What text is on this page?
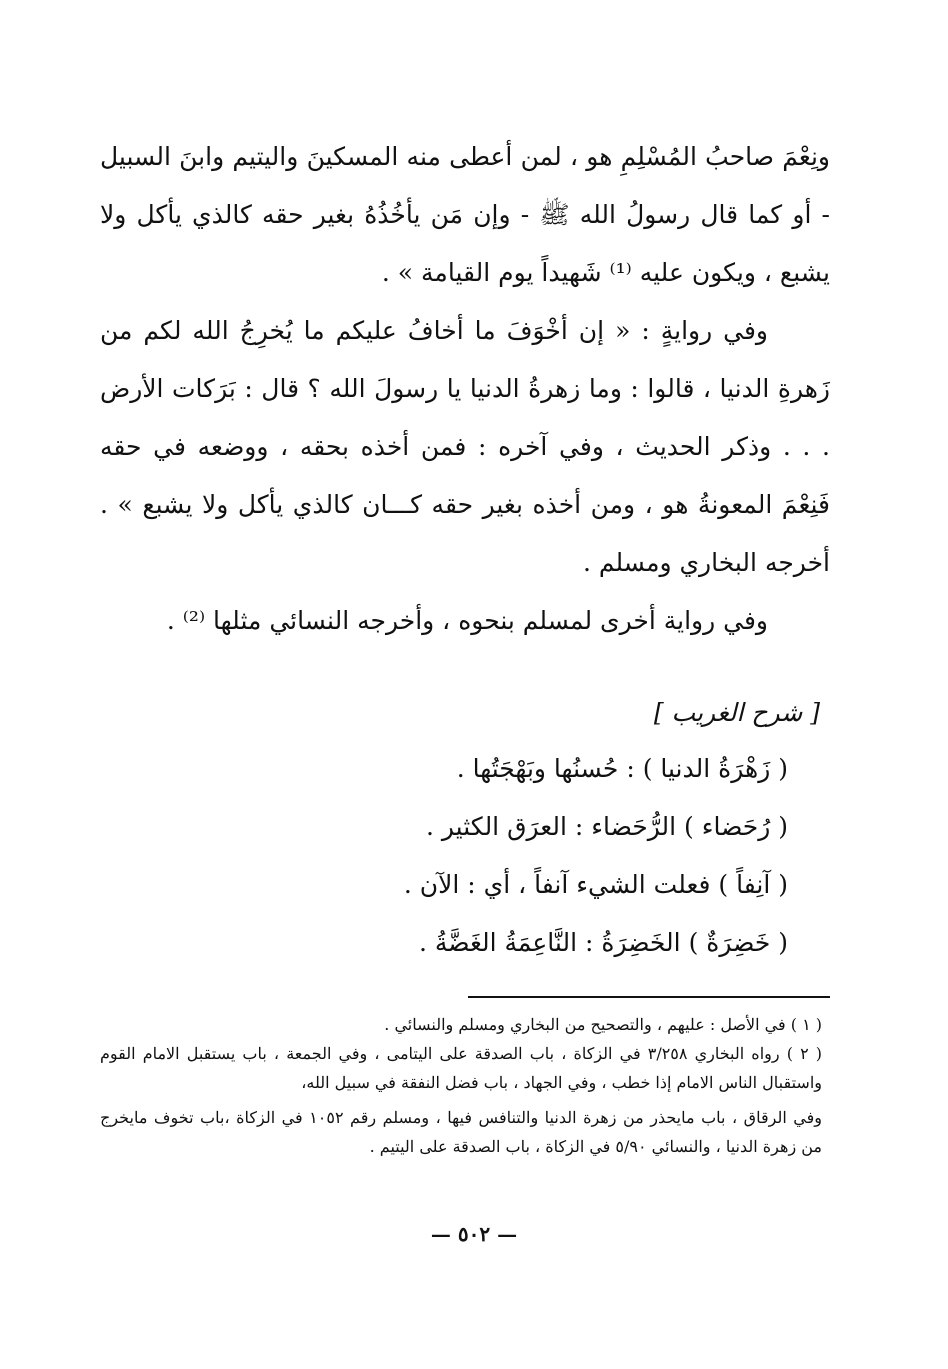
ونِعْمَ صاحبُ المُسْلِمِ هو ، لمن أعطى منه المسكينَ واليتيم وابنَ السبيل - أو كما قال رسولُ الله ﷺ - وإن مَن يأخُذُهُ بغير حقه كالذي يأكل ولا يشبع ، ويكون عليه ⁽¹⁾ شَهيداً يوم القيامة » .

وفي روايةٍ : « إن أخْوَفَ ما أخافُ عليكم ما يُخرِجُ الله لكم من زَهرةِ الدنيا ، قالوا : وما زهرةُ الدنيا يا رسولَ الله ؟ قال : بَرَكات الأرض . . . وذكر الحديث ، وفي آخره : فمن أخذه بحقه ، ووضعه في حقه فَنِعْمَ المعونةُ هو ، ومن أخذه بغير حقه كـــان كالذي يأكل ولا يشبع » . أخرجه البخاري ومسلم .

وفي رواية أخرى لمسلم بنحوه ، وأخرجه النسائي مثلها ⁽²⁾ .

[ شرح الغريب ]
( زَهْرَةُ الدنيا ) : حُسنُها وبَهْجَتُها .
( رُحَضاء ) الرُّحَضاء : العرَق الكثير .
( آنِفاً ) فعلت الشيء آنفاً ، أي : الآن .
( خَضِرَةٌ ) الخَضِرَةُ : النَّاعِمَةُ الغَضَّةُ .

( ١ ) في الأصل : عليهم ، والتصحيح من البخاري ومسلم والنسائي .

( ٢ ) رواه البخاري ٣/٢٥٨ في الزكاة ، باب الصدقة على اليتامى ، وفي الجمعة ، باب يستقبل الامام القوم واستقبال الناس الامام إذا خطب ، وفي الجهاد ، باب فضل النفقة في سبيل الله،

وفي الرقاق ، باب مايحذر من زهرة الدنيا والتنافس فيها ، ومسلم رقم ١٠٥٢ في الزكاة ،باب تخوف مايخرج من زهرة الدنيا ، والنسائي ٥/٩٠ في الزكاة ، باب الصدقة على اليتيم .

— ٥٠٢ —
